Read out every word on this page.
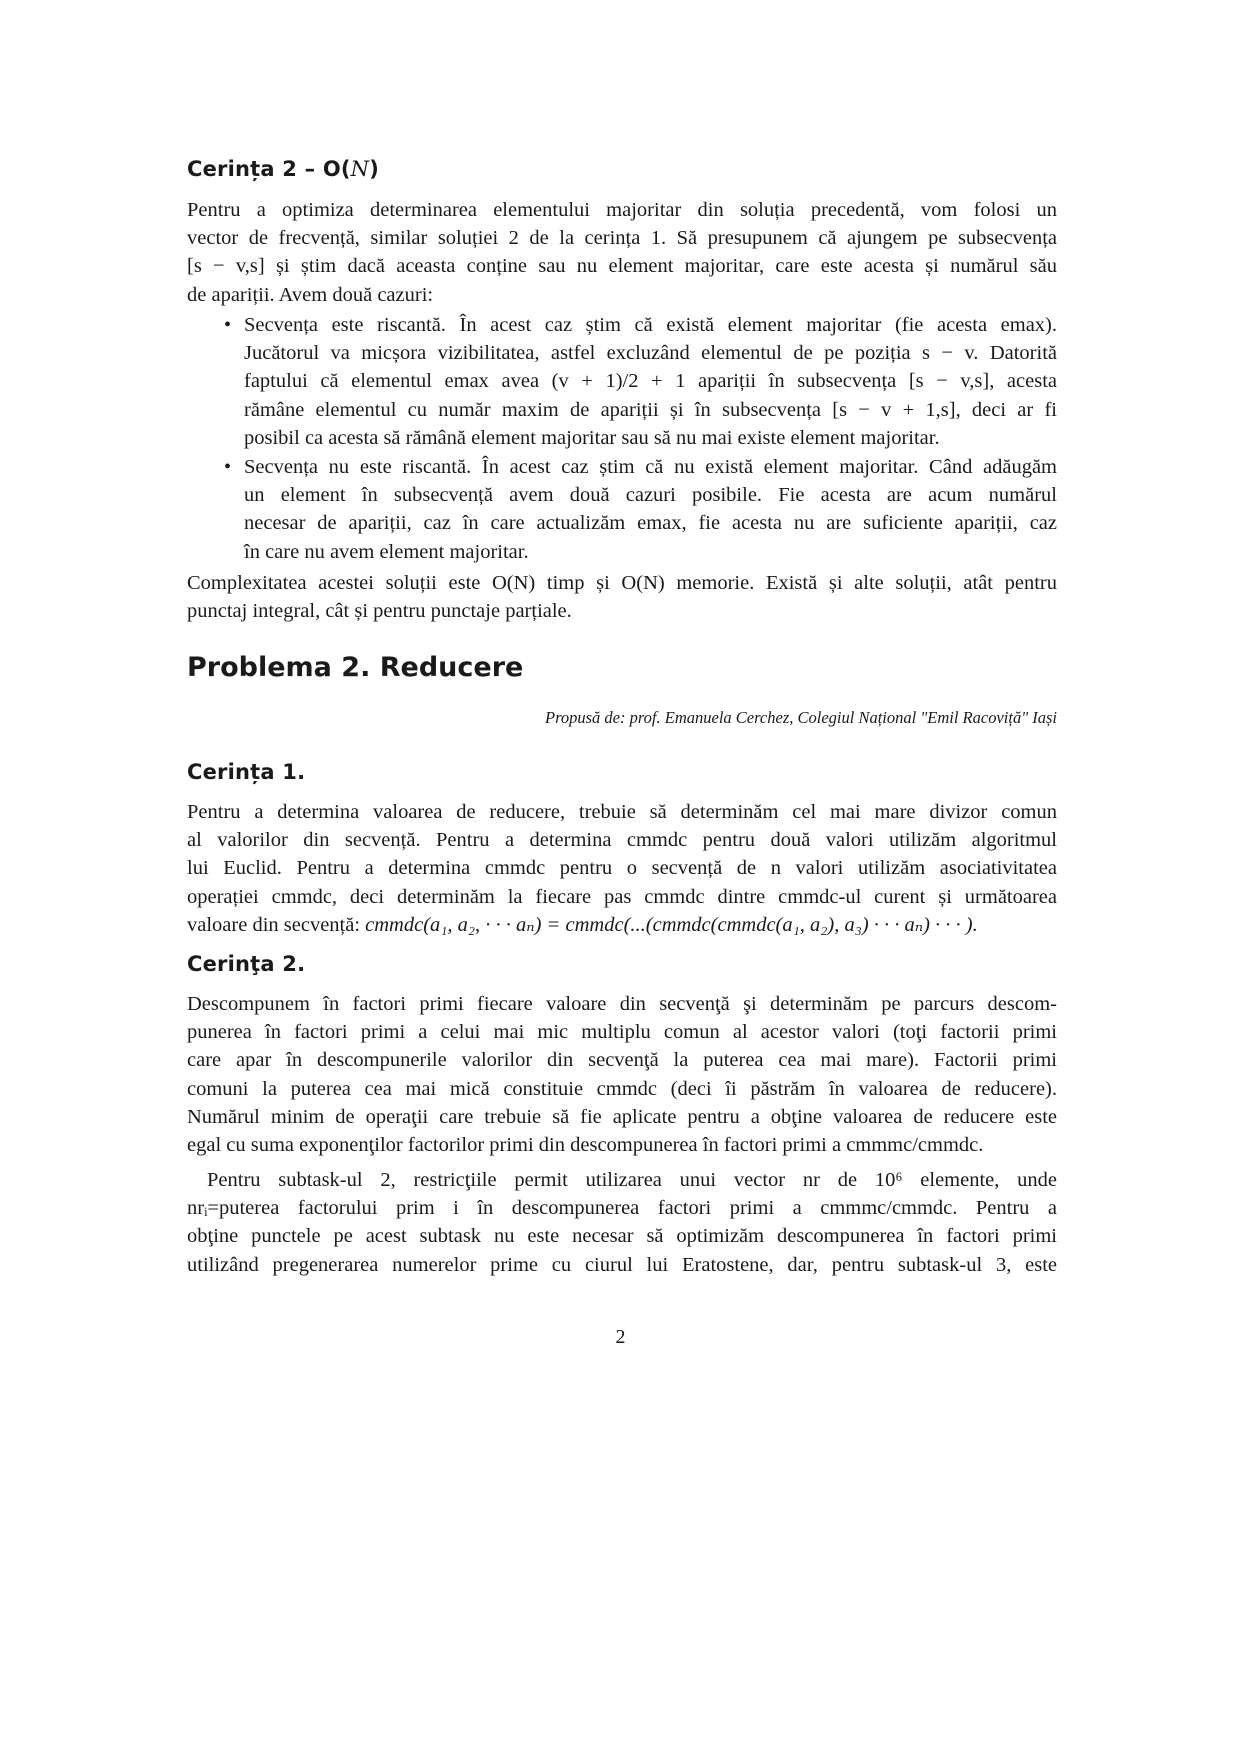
Cerința 2 – O(N)
Pentru a optimiza determinarea elementului majoritar din soluția precedentă, vom folosi un
vector de frecvență, similar soluției 2 de la cerința 1. Să presupunem că ajungem pe subsecvența
[s − v,s] și știm dacă aceasta conține sau nu element majoritar, care este acesta și numărul său
de apariții. Avem două cazuri:
• Secvența este riscantă. În acest caz știm că există element majoritar (fie acesta emax).
Jucătorul va micșora vizibilitatea, astfel excluzând elementul de pe poziția s − v. Datorită
faptului că elementul emax avea (v + 1)/2 + 1 apariții în subsecvența [s − v,s], acesta
rămâne elementul cu număr maxim de apariții și în subsecvența [s − v + 1,s], deci ar fi
posibil ca acesta să rămână element majoritar sau să nu mai existe element majoritar.
• Secvența nu este riscantă. În acest caz știm că nu există element majoritar. Când adăugăm
un element în subsecvență avem două cazuri posibile. Fie acesta are acum numărul
necesar de apariții, caz în care actualizăm emax, fie acesta nu are suficiente apariții, caz
în care nu avem element majoritar.
Complexitatea acestei soluții este O(N) timp și O(N) memorie. Există și alte soluții, atât pentru
punctaj integral, cât și pentru punctaje parțiale.
Problema 2. Reducere
Propusă de: prof. Emanuela Cerchez, Colegiul Național "Emil Racoviță" Iași
Cerința 1.
Pentru a determina valoarea de reducere, trebuie să determinăm cel mai mare divizor comun
al valorilor din secvență. Pentru a determina cmmdc pentru două valori utilizăm algoritmul
lui Euclid. Pentru a determina cmmdc pentru o secvență de n valori utilizăm asociativitatea
operației cmmdc, deci determinăm la fiecare pas cmmdc dintre cmmdc-ul curent și următoarea
valoare din secvență: cmmdc(a₁, a₂, · · · aₙ) = cmmdc(...(cmmdc(cmmdc(a₁, a₂), a₃) · · · aₙ) · · · ).
Cerinţa 2.
Descompunem în factori primi fiecare valoare din secvenţă şi determinăm pe parcurs descom-
punerea în factori primi a celui mai mic multiplu comun al acestor valori (toţi factorii primi
care apar în descompunerile valorilor din secvenţă la puterea cea mai mare). Factorii primi
comuni la puterea cea mai mică constituie cmmdc (deci îi păstrăm în valoarea de reducere).
Numărul minim de operaţii care trebuie să fie aplicate pentru a obţine valoarea de reducere este
egal cu suma exponenţilor factorilor primi din descompunerea în factori primi a cmmmc/cmmdc.
Pentru subtask-ul 2, restricţiile permit utilizarea unui vector nr de 10⁶ elemente, unde
nrᵢ=puterea factorului prim i în descompunerea factori primi a cmmmc/cmmdc. Pentru a
obţine punctele pe acest subtask nu este necesar să optimizăm descompunerea în factori primi
utilizând pregenerarea numerelor prime cu ciurul lui Eratostene, dar, pentru subtask-ul 3, este
2
